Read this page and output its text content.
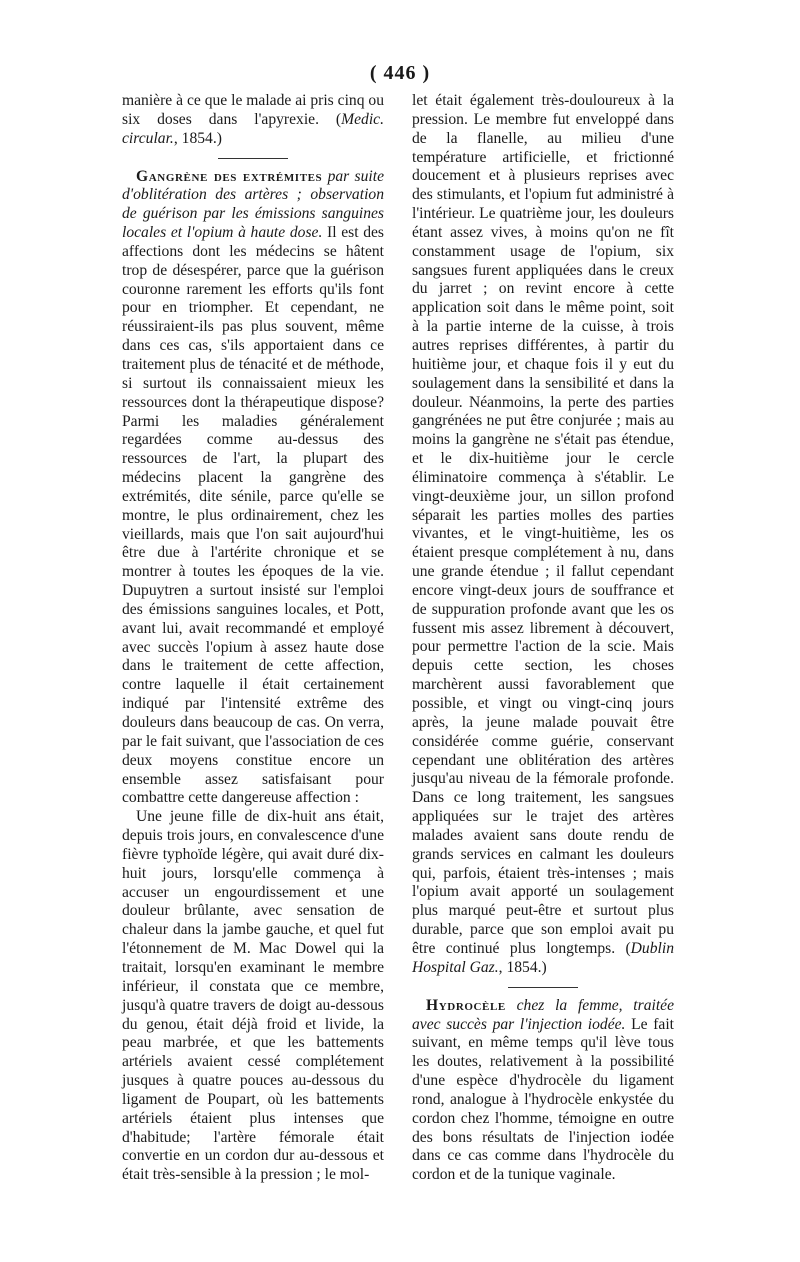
( 446 )

manière à ce que le malade ai pris cinq ou six doses dans l'apyrexie. (Medic. circular., 1854.)

Gangrène des extrémites par suite d'oblitération des artères ; observation de guérison par les émissions sanguines locales et l'opium à haute dose. Il est des affections dont les médecins se hâtent trop de désespérer, parce que la guérison couronne rarement les efforts qu'ils font pour en triompher. Et cependant, ne réussiraient-ils pas plus souvent, même dans ces cas, s'ils apportaient dans ce traitement plus de ténacité et de méthode, si surtout ils connaissaient mieux les ressources dont la thérapeutique dispose? Parmi les maladies généralement regardées comme au-dessus des ressources de l'art, la plupart des médecins placent la gangrène des extrémités, dite sénile, parce qu'elle se montre, le plus ordinairement, chez les vieillards, mais que l'on sait aujourd'hui être due à l'artérite chronique et se montrer à toutes les époques de la vie. Dupuytren a surtout insisté sur l'emploi des émissions sanguines locales, et Pott, avant lui, avait recommandé et employé avec succès l'opium à assez haute dose dans le traitement de cette affection, contre laquelle il était certainement indiqué par l'intensité extrême des douleurs dans beaucoup de cas. On verra, par le fait suivant, que l'association de ces deux moyens constitue encore un ensemble assez satisfaisant pour combattre cette dangereuse affection :

Une jeune fille de dix-huit ans était, depuis trois jours, en convalescence d'une fièvre typhoïde légère, qui avait duré dix-huit jours, lorsqu'elle commença à accuser un engourdissement et une douleur brûlante, avec sensation de chaleur dans la jambe gauche, et quel fut l'étonnement de M. Mac Dowel qui la traitait, lorsqu'en examinant le membre inférieur, il constata que ce membre, jusqu'à quatre travers de doigt au-dessous du genou, était déjà froid et livide, la peau marbrée, et que les battements artériels avaient cessé complétement jusques à quatre pouces au-dessous du ligament de Poupart, où les battements artériels étaient plus intenses que d'habitude; l'artère fémorale était convertie en un cordon dur au-dessous et était très-sensible à la pression ; le mol-

let était également très-douloureux à la pression. Le membre fut enveloppé dans de la flanelle, au milieu d'une température artificielle, et frictionné doucement et à plusieurs reprises avec des stimulants, et l'opium fut administré à l'intérieur. Le quatrième jour, les douleurs étant assez vives, à moins qu'on ne fît constamment usage de l'opium, six sangsues furent appliquées dans le creux du jarret ; on revint encore à cette application soit dans le même point, soit à la partie interne de la cuisse, à trois autres reprises différentes, à partir du huitième jour, et chaque fois il y eut du soulagement dans la sensibilité et dans la douleur. Néanmoins, la perte des parties gangrénées ne put être conjurée ; mais au moins la gangrène ne s'était pas étendue, et le dix-huitième jour le cercle éliminatoire commença à s'établir. Le vingt-deuxième jour, un sillon profond séparait les parties molles des parties vivantes, et le vingt-huitième, les os étaient presque complétement à nu, dans une grande étendue ; il fallut cependant encore vingt-deux jours de souffrance et de suppuration profonde avant que les os fussent mis assez librement à découvert, pour permettre l'action de la scie. Mais depuis cette section, les choses marchèrent aussi favorablement que possible, et vingt ou vingt-cinq jours après, la jeune malade pouvait être considérée comme guérie, conservant cependant une oblitération des artères jusqu'au niveau de la fémorale profonde. Dans ce long traitement, les sangsues appliquées sur le trajet des artères malades avaient sans doute rendu de grands services en calmant les douleurs qui, parfois, étaient très-intenses ; mais l'opium avait apporté un soulagement plus marqué peut-être et surtout plus durable, parce que son emploi avait pu être continué plus longtemps. (Dublin Hospital Gaz., 1854.)

Hydrocèle chez la femme, traitée avec succès par l'injection iodée. Le fait suivant, en même temps qu'il lève tous les doutes, relativement à la possibilité d'une espèce d'hydrocèle du ligament rond, analogue à l'hydrocèle enkystée du cordon chez l'homme, témoigne en outre des bons résultats de l'injection iodée dans ce cas comme dans l'hydrocèle du cordon et de la tunique vaginale.
